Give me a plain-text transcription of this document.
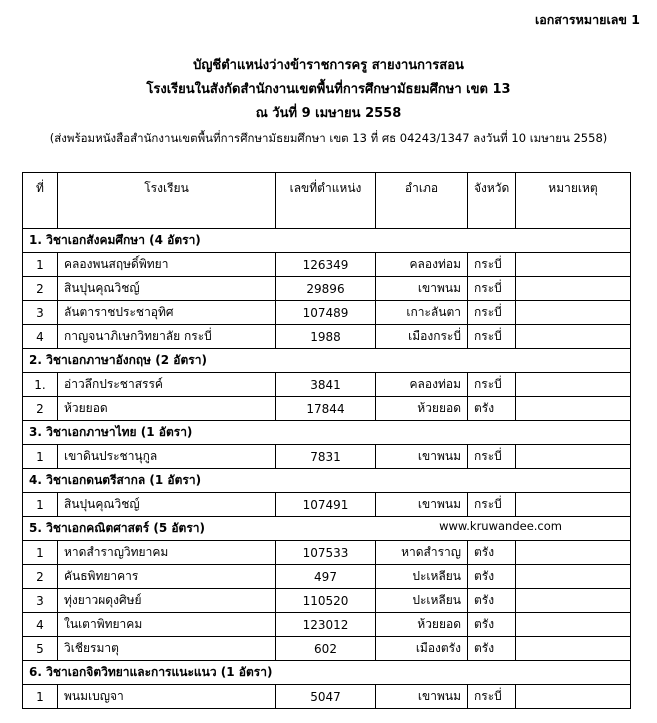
เอกสารหมายเลข 1
บัญชีตำแหน่งว่างข้าราชการครู สายงานการสอน
โรงเรียนในสังกัดสำนักงานเขตพื้นที่การศึกษามัธยมศึกษา เขต 13
ณ วันที่ 9 เมษายน 2558
(ส่งพร้อมหนังสือสำนักงานเขตพื้นที่การศึกษามัธยมศึกษา เขต 13 ที่ ศธ 04243/1347 ลงวันที่ 10 เมษายน 2558)
ที่	โรงเรียน	เลขที่ตำแหน่ง	อำเภอ	จังหวัด	หมายเหตุ
1. วิชาเอกสังคมศึกษา (4 อัตรา)					
1	คลองพนสฤษดิ์พิทยา	126349	คลองท่อม	กระบี่	
2	สินปุนคุณวิชญ์	29896	เขาพนม	กระบี่	
3	ลันตาราชประชาอุทิศ	107489	เกาะลันตา	กระบี่	
4	กาญจนาภิเษกวิทยาลัย กระบี่	1988	เมืองกระบี่	กระบี่	
2. วิชาเอกภาษาอังกฤษ (2 อัตรา)					
1.	อ่าวลึกประชาสรรค์	3841	คลองท่อม	กระบี่	
2	ห้วยยอด	17844	ห้วยยอด	ตรัง	
3. วิชาเอกภาษาไทย (1 อัตรา)					
1	เขาดินประชานุกูล	7831	เขาพนม	กระบี่	
4. วิชาเอกดนตรีสากล (1 อัตรา)					
1	สินปุนคุณวิชญ์	107491	เขาพนม	กระบี่	
5. วิชาเอกคณิตศาสตร์ (5 อัตรา) www.kruwandee.com					

1	หาดสำราญวิทยาคม	107533	หาดสำราญ	ตรัง	
2	คันธพิทยาคาร	497	ปะเหลียน	ตรัง	
3	ทุ่งยาวผดุงศิษย์	110520	ปะเหลียน	ตรัง	
4	ในเตาพิทยาคม	123012	ห้วยยอด	ตรัง	
5	วิเชียรมาตุ	602	เมืองตรัง	ตรัง	
6. วิชาเอกจิตวิทยาและการแนะแนว (1 อัตรา)					
1	พนมเบญจา	5047	เขาพนม	กระบี่	
